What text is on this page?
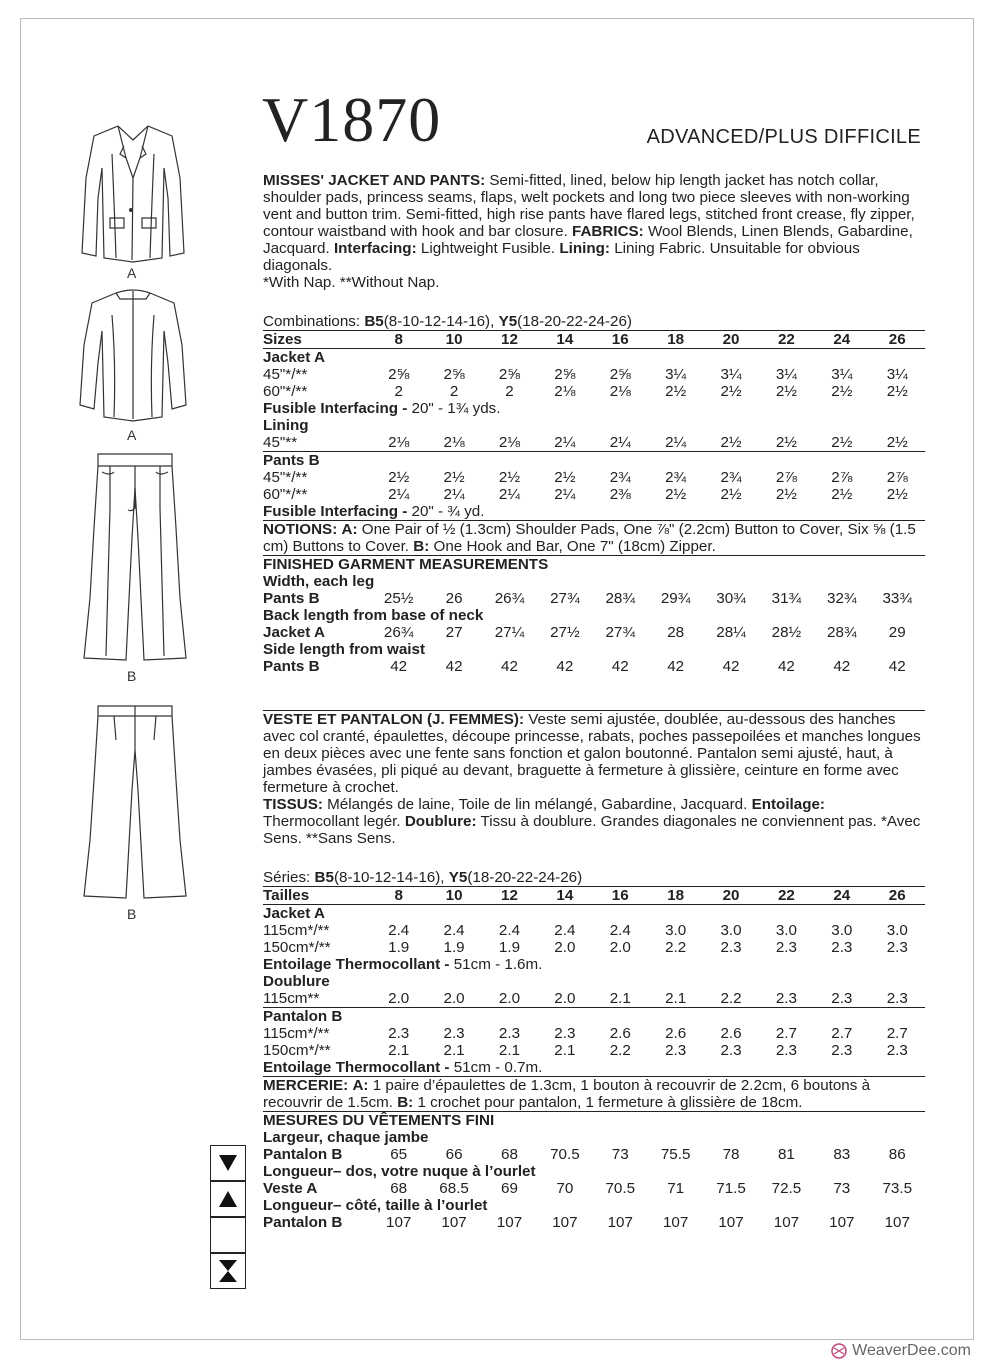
A
A
B
B
V1870	ADVANCED/PLUS DIFFICILE
MISSES' JACKET AND PANTS: Semi-fitted, lined, below hip length jacket has notch collar, shoulder pads, princess seams, flaps, welt pockets and long two piece sleeves with non-working vent and button trim. Semi-fitted, high rise pants have flared legs, stitched front crease, fly zipper, contour waistband with hook and bar closure. FABRICS: Wool Blends, Linen Blends, Gabardine, Jacquard. Interfacing: Lightweight Fusible. Lining: Lining Fabric. Unsuitable for obvious diagonals.
*With Nap. **Without Nap.
Combinations: B5(8-10-12-14-16), Y5(18-20-22-24-26)
Sizes	8	10	12	14	16	18	20	22	24	26
Jacket A										
45"*/**	2⅝	2⅝	2⅝	2⅝	2⅝	3¼	3¼	3¼	3¼	3¼
60"*/**	2	2	2	2⅛	2⅛	2½	2½	2½	2½	2½
Fusible Interfacing - 20" - 1¾ yds.										
Lining										
45"**	2⅛	2⅛	2⅛	2¼	2¼	2¼	2½	2½	2½	2½
Pants B										
45"*/**	2½	2½	2½	2½	2¾	2¾	2¾	2⅞	2⅞	2⅞
60"*/**	2¼	2¼	2¼	2¼	2⅜	2½	2½	2½	2½	2½
Fusible Interfacing - 20" - ¾ yd.										
NOTIONS: A: One Pair of ½ (1.3cm) Shoulder Pads, One ⅞" (2.2cm) Button to Cover, Six ⅝ (1.5 cm) Buttons to Cover. B: One Hook and Bar, One 7" (18cm) Zipper.
FINISHED GARMENT MEASUREMENTS										
Width, each leg										
Pants B	25½	26	26¾	27¾	28¾	29¾	30¾	31¾	32¾	33¾
Back length from base of neck										
Jacket A	26¾	27	27¼	27½	27¾	28	28¼	28½	28¾	29
Side length from waist										
Pants B	42	42	42	42	42	42	42	42	42	42
VESTE ET PANTALON (J. FEMMES): Veste semi ajustée, doublée, au-dessous des hanches avec col cranté, épaulettes, découpe princesse, rabats, poches passepoilées et manches longues en deux pièces avec une fente sans fonction et galon boutonné. Pantalon semi ajusté, haut, à jambes évasées, pli piqué au devant, braguette à fermeture à glissière, ceinture en forme avec fermeture à crochet.
TISSUS: Mélangés de laine, Toile de lin mélangé, Gabardine, Jacquard. Entoilage: Thermocollant legér. Doublure: Tissu à doublure. Grandes diagonales ne conviennent pas. *Avec Sens. **Sans Sens.
Séries: B5(8-10-12-14-16), Y5(18-20-22-24-26)
Tailles	8	10	12	14	16	18	20	22	24	26
Jacket A										
115cm*/**	2.4	2.4	2.4	2.4	2.4	3.0	3.0	3.0	3.0	3.0
150cm*/**	1.9	1.9	1.9	2.0	2.0	2.2	2.3	2.3	2.3	2.3
Entoilage Thermocollant - 51cm - 1.6m.										
Doublure										
115cm**	2.0	2.0	2.0	2.0	2.1	2.1	2.2	2.3	2.3	2.3
Pantalon B										
115cm*/**	2.3	2.3	2.3	2.3	2.6	2.6	2.6	2.7	2.7	2.7
150cm*/**	2.1	2.1	2.1	2.1	2.2	2.3	2.3	2.3	2.3	2.3
Entoilage Thermocollant - 51cm - 0.7m.										
MERCERIE: A: 1 paire d’épaulettes de 1.3cm, 1 bouton à recouvrir de 2.2cm, 6 boutons à recouvrir de 1.5cm. B: 1 crochet pour pantalon, 1 fermeture à glissière de 18cm.
MESURES DU VÊTEMENTS FINI										
Largeur, chaque jambe										
Pantalon B	65	66	68	70.5	73	75.5	78	81	83	86
Longueur– dos, votre nuque à l’ourlet										
Veste A	68	68.5	69	70	70.5	71	71.5	72.5	73	73.5
Longueur– côté, taille à l’ourlet										
Pantalon B	107	107	107	107	107	107	107	107	107	107
WeaverDee.com
